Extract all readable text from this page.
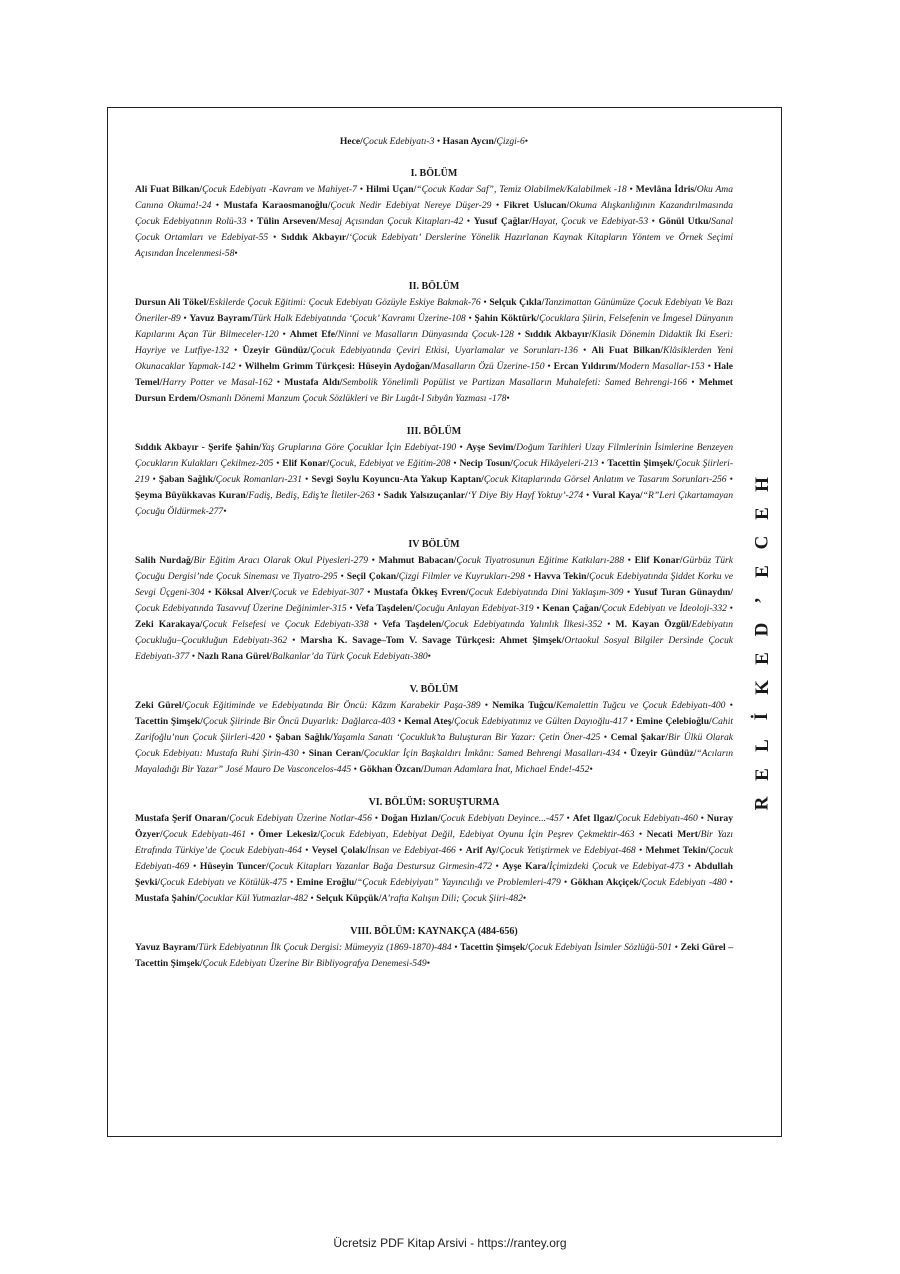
Hece/Çocuk Edebiyatı-3 • Hasan Aycın/Çizgi-6•

I. BÖLÜM

Ali Fuat Bilkan/Çocuk Edebiyatı -Kavram ve Mahiyet-7 • Hilmi Uçan/“Çocuk Kadar Saf”, Temiz Olabilmek/Kalabilmek -18 • Mevlâna İdris/Oku Ama Canına Okuma!-24 • Mustafa Karaosmanoğlu/Çocuk Nedir Edebiyat Nereye Düşer-29 • Fikret Uslucan/Okuma Alışkanlığının Kazandırılmasında Çocuk Edebiyatının Rolü-33 • Tülin Arseven/Mesaj Açısından Çocuk Kitapları-42 • Yusuf Çağlar/Hayat, Çocuk ve Edebiyat-53 • Gönül Utku/Sanal Çocuk Ortamları ve Edebiyat-55 • Sıddık Akbayır/‘Çocuk Edebiyatı’ Derslerine Yönelik Hazırlanan Kaynak Kitapların Yöntem ve Örnek Seçimi Açısından İncelenmesi-58•

II. BÖLÜM

Dursun Ali Tökel/Eskilerde Çocuk Eğitimi: Çocuk Edebiyatı Gözüyle Eskiye Bakmak-76 • Selçuk Çıkla/Tanzimattan Günümüze Çocuk Edebiyatı Ve Bazı Öneriler-89 • Yavuz Bayram/Türk Halk Edebiyatında ‘Çocuk’ Kavramı Üzerine-108 • Şahin Köktürk/Çocuklara Şiirin, Felsefenin ve İmgesel Dünyanın Kapılarını Açan Tür Bilmeceler-120 • Ahmet Efe/Ninni ve Masalların Dünyasında Çocuk-128 • Sıddık Akbayır/Klasik Dönemin Didaktik İki Eseri: Hayriye ve Lutfiye-132 • Üzeyir Gündüz/Çocuk Edebiyatında Çeviri Etkisi, Uyarlamalar ve Sorunları-136 • Ali Fuat Bilkan/Klâsiklerden Yeni Okunacaklar Yapmak-142 • Wilhelm Grimm Türkçesi: Hüseyin Aydoğan/Masalların Özü Üzerine-150 • Ercan Yıldırım/Modern Masallar-153 • Hale Temel/Harry Potter ve Masal-162 • Mustafa Aldı/Sembolik Yönelimli Popülist ve Partizan Masalların Muhalefeti: Samed Behrengi-166 • Mehmet Dursun Erdem/Osmanlı Dönemi Manzum Çocuk Sözlükleri ve Bir Lugât-I Sıbyân Yazması -178•

III. BÖLÜM

Sıddık Akbayır - Şerife Şahin/Yaş Gruplarına Göre Çocuklar İçin Edebiyat-190 • Ayşe Sevim/Doğum Tarihleri Uzay Filmlerinin İsimlerine Benzeyen Çocukların Kulakları Çekilmez-205 • Elif Konar/Çocuk, Edebiyat ve Eğitim-208 • Necip Tosun/Çocuk Hikâyeleri-213 • Tacettin Şimşek/Çocuk Şiirleri-219 • Şaban Sağlık/Çocuk Romanları-231 • Sevgi Soylu Koyuncu-Ata Yakup Kaptan/Çocuk Kitaplarında Görsel Anlatım ve Tasarım Sorunları-256 • Şeyma Büyükkavas Kuran/Fadiş, Bediş, Ediş’te İletiler-263 • Sadık Yalsızuçanlar/‘Y Diye Biy Hayf Yoktuy’-274 • Vural Kaya/“R”Leri Çıkartamayan Çocuğu Öldürmek-277•

IV BÖLÜM

Salih Nurdağ/Bir Eğitim Aracı Olarak Okul Piyesleri-279 • Mahmut Babacan/Çocuk Tiyatrosunun Eğitime Katkıları-288 • Elif Konar/Gürbüz Türk Çocuğu Dergisi’nde Çocuk Sineması ve Tiyatro-295 • Seçil Çokan/Çizgi Filmler ve Kuyrukları-298 • Havva Tekin/Çocuk Edebiyatında Şiddet Korku ve Sevgi Üçgeni-304 • Köksal Alver/Çocuk ve Edebiyat-307 • Mustafa Ökkeş Evren/Çocuk Edebiyatında Dini Yaklaşım-309 • Yusuf Turan Günaydın/Çocuk Edebiyatında Tasavvuf Üzerine Değinimler-315 • Vefa Taşdelen/Çocuğu Anlayan Edebiyat-319 • Kenan Çağan/Çocuk Edebiyatı ve İdeoloji-332 • Zeki Karakaya/Çocuk Felsefesi ve Çocuk Edebiyatı-338 • Vefa Taşdelen/Çocuk Edebiyatında Yalınlık İlkesi-352 • M. Kayan Özgül/Edebiyatın Çocukluğu–Çocukluğun Edebiyatı-362 • Marsha K. Savage–Tom V. Savage Türkçesi: Ahmet Şimşek/Ortaokul Sosyal Bilgiler Dersinde Çocuk Edebiyatı-377 • Nazlı Rana Gürel/Balkanlar’da Türk Çocuk Edebiyatı-380•

V. BÖLÜM

Zeki Gürel/Çocuk Eğitiminde ve Edebiyatında Bir Öncü: Kâzım Karabekir Paşa-389 • Nemika Tuğcu/Kemalettin Tuğcu ve Çocuk Edebiyatı-400 • Tacettin Şimşek/Çocuk Şiirinde Bir Öncü Duyarlık: Dağlarca-403 • Kemal Ateş/Çocuk Edebiyatımız ve Gülten Dayıoğlu-417 • Emine Çelebioğlu/Cahit Zarifoğlu’nun Çocuk Şiirleri-420 • Şaban Sağlık/Yaşamla Sanatı ‘Çocukluk’ta Buluşturan Bir Yazar: Çetin Öner-425 • Cemal Şakar/Bir Ülkü Olarak Çocuk Edebiyatı: Mustafa Ruhi Şirin-430 • Sinan Ceran/Çocuklar İçin Başkaldırı İmkânı: Samed Behrengi Masalları-434 • Üzeyir Gündüz/“Acıların Mayaladığı Bir Yazar” José Mauro De Vasconcelos-445 • Gökhan Özcan/Duman Adamlara İnat, Michael Ende!-452•

VI. BÖLÜM: SORUŞTURMA

Mustafa Şerif Onaran/Çocuk Edebiyatı Üzerine Notlar-456 • Doğan Hızlan/Çocuk Edebiyatı Deyince...-457 • Afet Ilgaz/Çocuk Edebiyatı-460 • Nuray Özyer/Çocuk Edebiyatı-461 • Ömer Lekesiz/Çocuk Edebiyatı, Edebiyat Değil, Edebiyat Oyunu İçin Peşrev Çekmektir-463 • Necati Mert/Bir Yazı Etrafında Türkiye’de Çocuk Edebiyatı-464 • Veysel Çolak/İnsan ve Edebiyat-466 • Arif Ay/Çocuk Yetiştirmek ve Edebiyat-468 • Mehmet Tekin/Çocuk Edebiyatı-469 • Hüseyin Tuncer/Çocuk Kitapları Yazanlar Bağa Destursuz Girmesin-472 • Ayşe Kara/İçimizdeki Çocuk ve Edebiyat-473 • Abdullah Şevki/Çocuk Edebiyatı ve Kötülük-475 • Emine Eroğlu/“Çocuk Edebiyiyatı” Yayıncılığı ve Problemleri-479 • Gökhan Akçiçek/Çocuk Edebiyatı -480 • Mustafa Şahin/Çocuklar Kül Yutmazlar-482 • Selçuk Küpçük/A’rafta Kalışın Dili; Çocuk Şiiri-482•

VIII. BÖLÜM: KAYNAKÇA (484-656)

Yavuz Bayram/Türk Edebiyatının İlk Çocuk Dergisi: Mümeyyiz (1869-1870)-484 • Tacettin Şimşek/Çocuk Edebiyatı İsimler Sözlüğü-501 • Zeki Gürel –Tacettin Şimşek/Çocuk Edebiyatı Üzerine Bir Bibliyografya Denemesi-549•

H
E
C
E
’
D
E
K
İ
L
E
R
Ücretsiz PDF Kitap Arsivi - https://rantey.org
